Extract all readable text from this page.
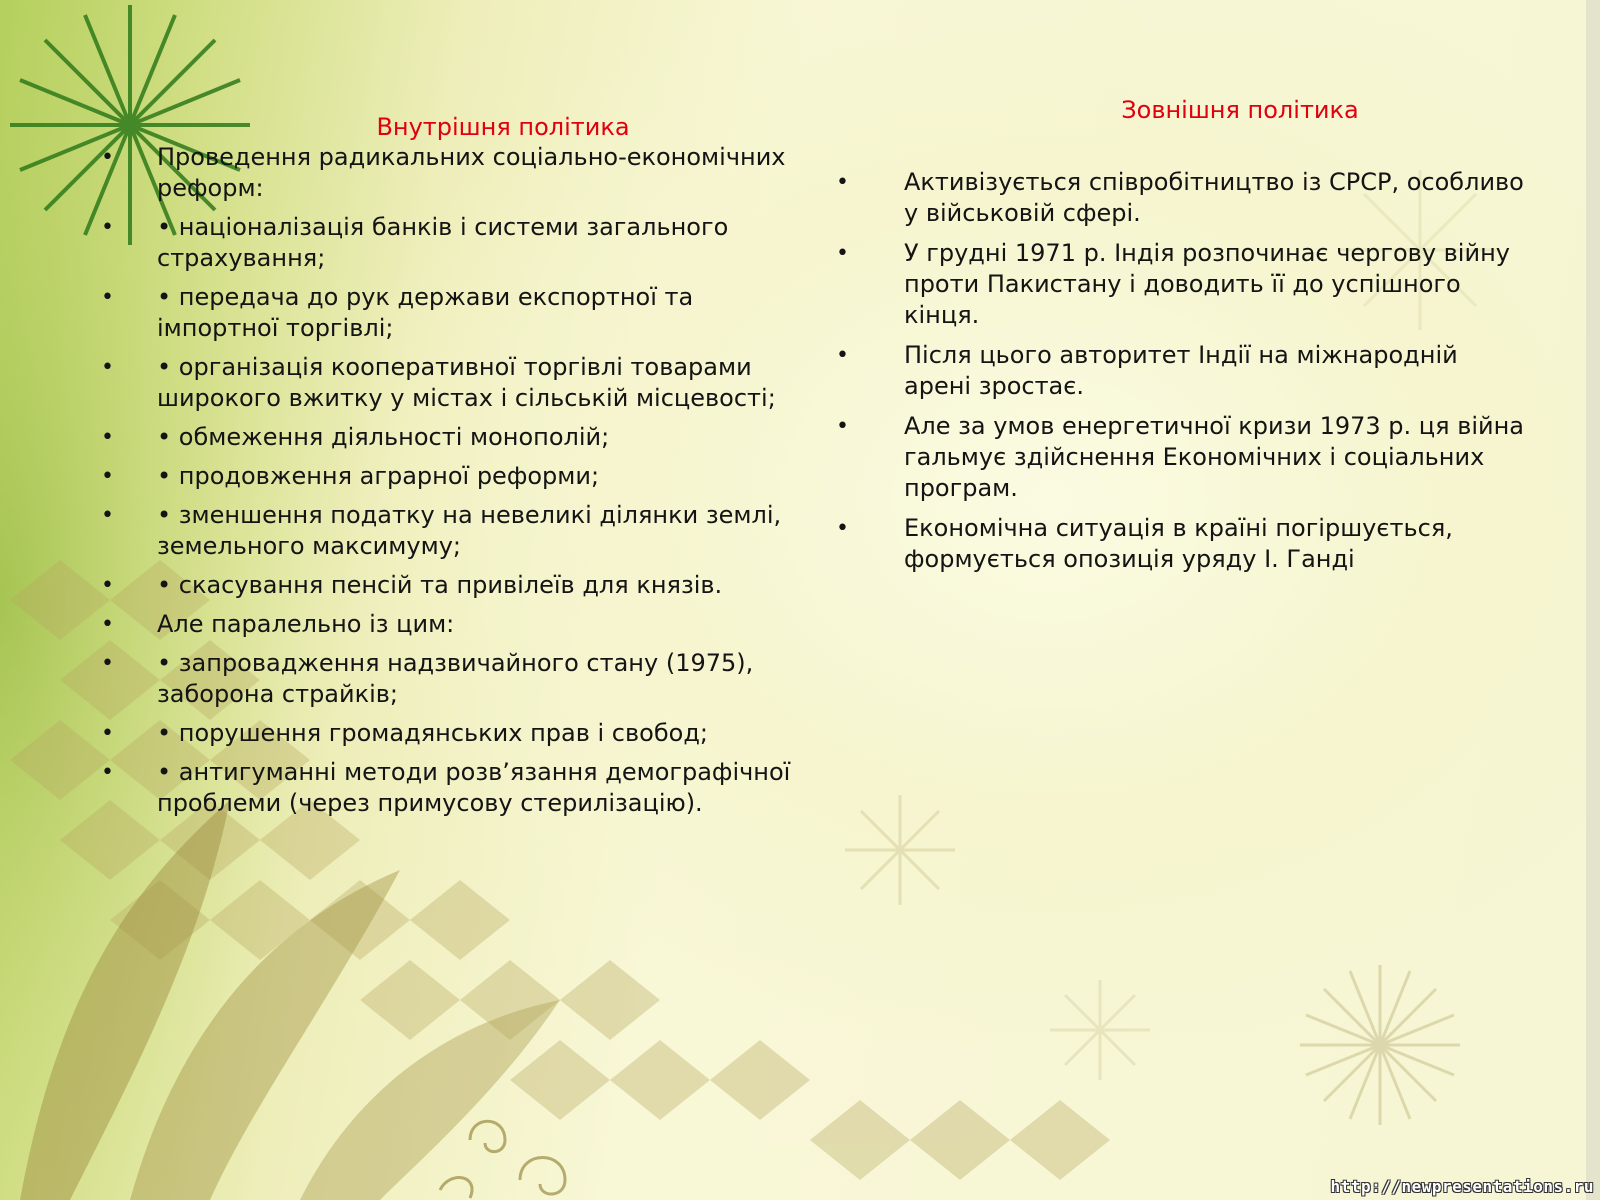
Внутрішня політика
• Проведення радикальних соціально-економічних реформ:
• • націоналізація банків і системи загального страхування;
• • передача до рук держави експортної та імпортної торгівлі;
• • організація кооперативної торгівлі товарами широкого вжитку у містах і сільській місцевості;
• • обмеження діяльності монополій;
• • продовження аграрної реформи;
• • зменшення податку на невеликі ділянки землі, земельного максимуму;
• • скасування пенсій та привілеїв для князів.
• Але паралельно із цим:
• • запровадження надзвичайного стану (1975), заборона страйків;
• • порушення громадянських прав і свобод;
• • антигуманні методи розв’язання демографічної проблеми (через примусову стерилізацію).
Зовнішня політика
• Активізується співробітництво із СРСР, особливо у військовій сфері.
• У грудні 1971 р. Індія розпочинає чергову війну проти Пакистану і доводить її до успішного кінця.
• Після цього авторитет Індії на міжнародній арені зростає.
• Але за умов енергетичної кризи 1973 р. ця війна гальмує здійснення Економічних і соціальних програм.
• Економічна ситуація в країні погіршується, формується опозиція уряду І. Ганді
http://newpresentations.ru
